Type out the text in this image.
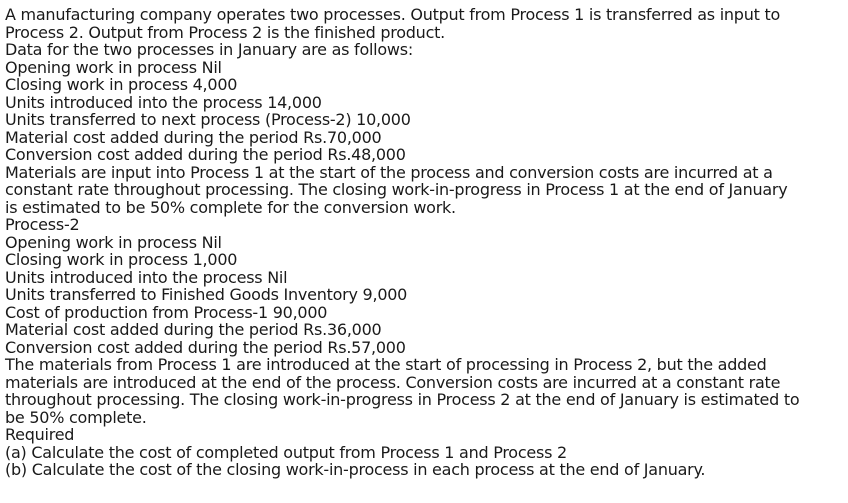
A manufacturing company operates two processes. Output from Process 1 is transferred as input to
Process 2. Output from Process 2 is the finished product.
Data for the two processes in January are as follows:
Opening work in process Nil
Closing work in process 4,000
Units introduced into the process 14,000
Units transferred to next process (Process-2) 10,000
Material cost added during the period Rs.70,000
Conversion cost added during the period Rs.48,000
Materials are input into Process 1 at the start of the process and conversion costs are incurred at a
constant rate throughout processing. The closing work-in-progress in Process 1 at the end of January
is estimated to be 50% complete for the conversion work.
Process-2
Opening work in process Nil
Closing work in process 1,000
Units introduced into the process Nil
Units transferred to Finished Goods Inventory 9,000
Cost of production from Process-1 90,000
Material cost added during the period Rs.36,000
Conversion cost added during the period Rs.57,000
The materials from Process 1 are introduced at the start of processing in Process 2, but the added
materials are introduced at the end of the process. Conversion costs are incurred at a constant rate
throughout processing. The closing work-in-progress in Process 2 at the end of January is estimated to
be 50% complete.
Required
(a) Calculate the cost of completed output from Process 1 and Process 2
(b) Calculate the cost of the closing work-in-process in each process at the end of January.
